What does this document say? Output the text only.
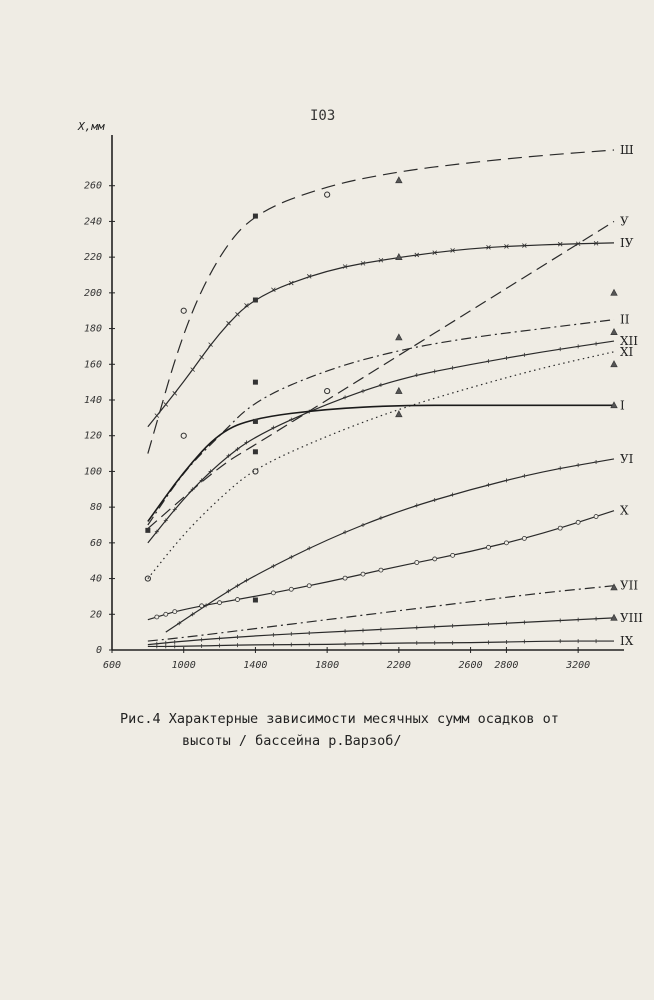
I03
0
20
40
60
80
100
120
140
160
180
200
220
240
260
600	1000	1400	1800	2200	2600 2800	3200
Ш
У
IУ
II
XII
XI
I
УI
X
УII
УIII
IX
X,мм
Рис.4 Характерные зависимости месячных сумм осадков от
высоты / бассейна р.Варзоб/
